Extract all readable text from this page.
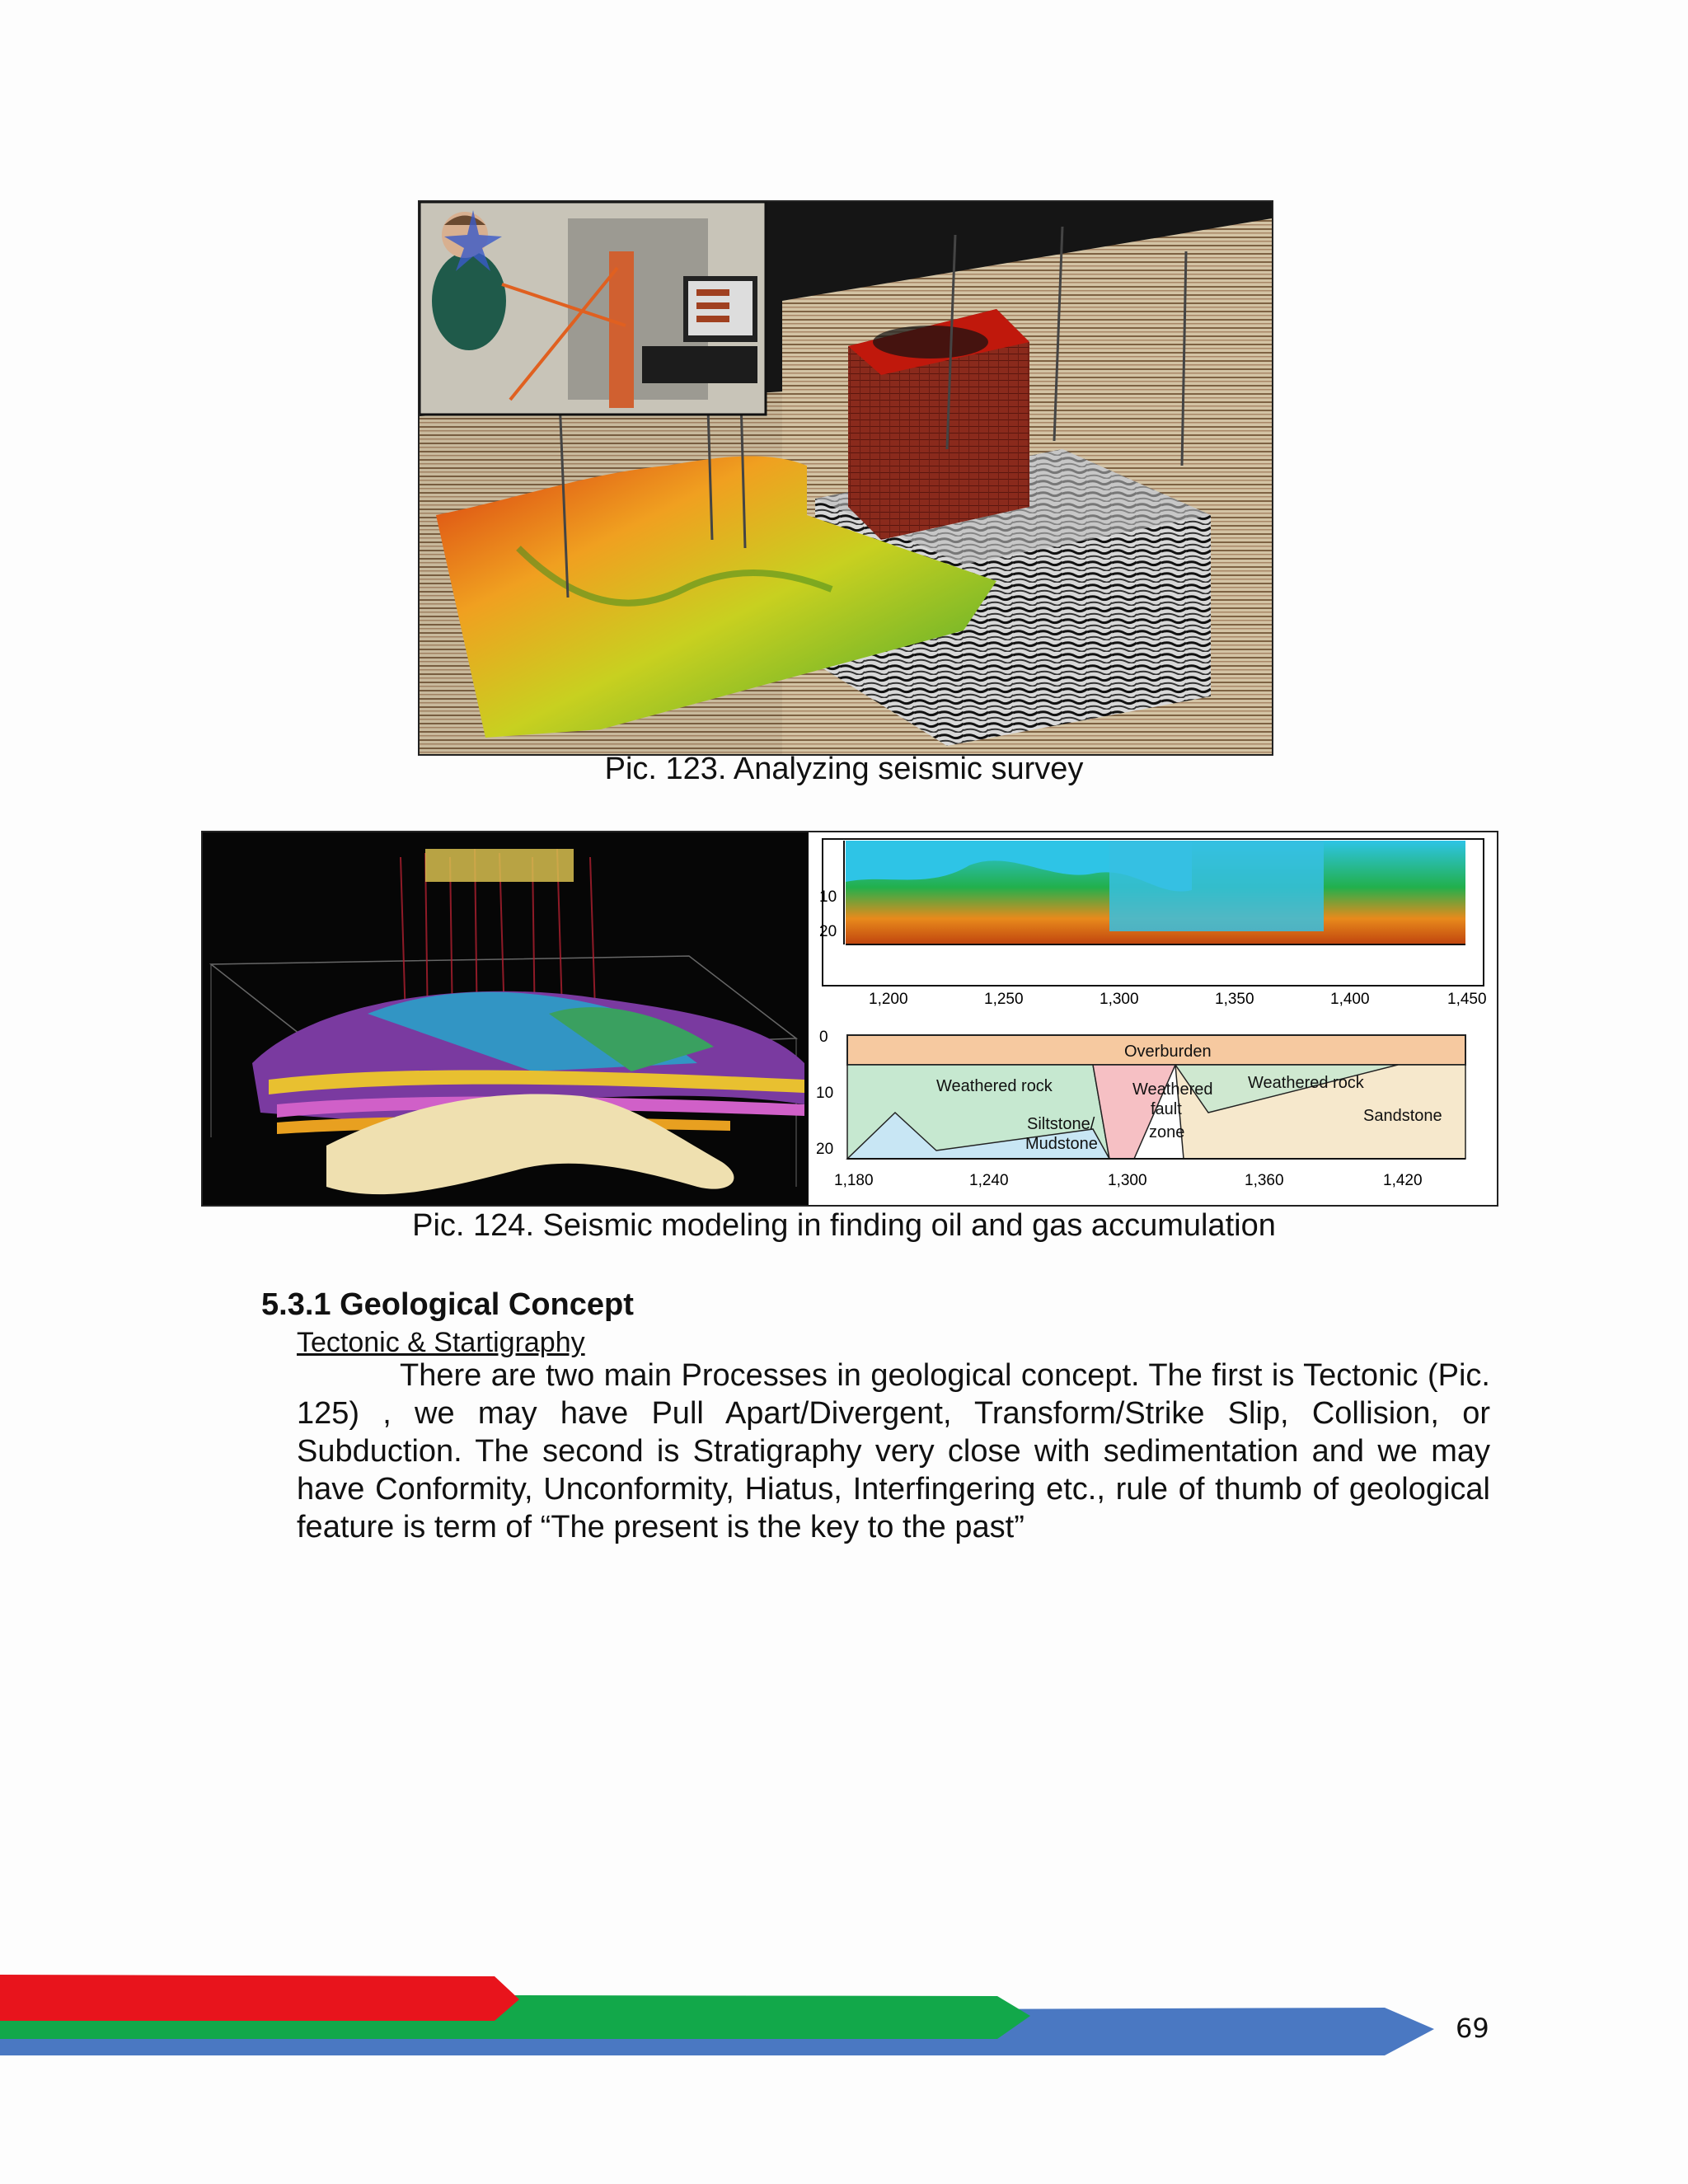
Pic. 123. Analyzing seismic survey
10
20
1,200	1,250	1,300	1,350	1,400	1,450
0
10
20
Overburden
Weathered rock
Siltstone/
Mudstone
Weathered
fault
zone
Weathered rock
Sandstone
1,180	1,240	1,300	1,360	1,420
Pic. 124. Seismic modeling in finding oil and gas accumulation
5.3.1 Geological Concept
Tectonic & Startigraphy
There are two main Processes in geological concept. The first is Tectonic (Pic. 125) , we may have Pull Apart/Divergent, Transform/Strike Slip, Collision, or Subduction. The second is Stratigraphy very close with sedimentation and we may have Conformity, Unconformity, Hiatus, Interfingering etc., rule of thumb of geological feature is term of “The present is the key to the past”
69
